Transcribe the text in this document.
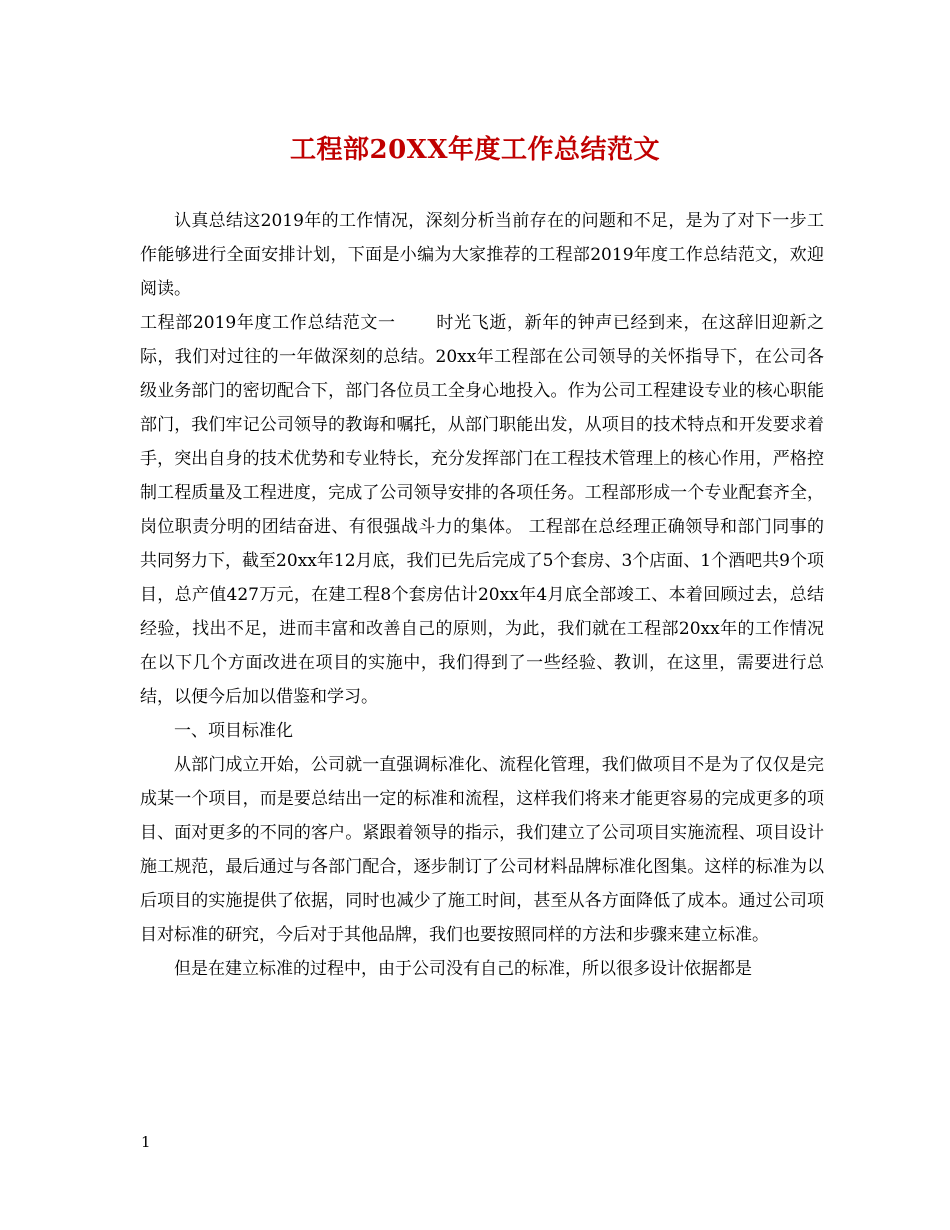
工程部20XX年度工作总结范文

认真总结这2019年的工作情况，深刻分析当前存在的问题和不足，是为了对下一步工作能够进行全面安排计划，下面是小编为大家推荐的工程部2019年度工作总结范文，欢迎阅读。

工程部2019年度工作总结范文一 时光飞逝，新年的钟声已经到来，在这辞旧迎新之际，我们对过往的一年做深刻的总结。20xx年工程部在公司领导的关怀指导下，在公司各级业务部门的密切配合下，部门各位员工全身心地投入。作为公司工程建设专业的核心职能部门，我们牢记公司领导的教诲和嘱托，从部门职能出发，从项目的技术特点和开发要求着手，突出自身的技术优势和专业特长，充分发挥部门在工程技术管理上的核心作用，严格控制工程质量及工程进度，完成了公司领导安排的各项任务。工程部形成一个专业配套齐全，岗位职责分明的团结奋进、有很强战斗力的集体。 工程部在总经理正确领导和部门同事的共同努力下，截至20xx年12月底，我们已先后完成了5个套房、3个店面、1个酒吧共9个项目，总产值427万元，在建工程8个套房估计20xx年4月底全部竣工、本着回顾过去，总结经验，找出不足，进而丰富和改善自己的原则，为此，我们就在工程部20xx年的工作情况在以下几个方面改进在项目的实施中，我们得到了一些经验、教训，在这里，需要进行总结，以便今后加以借鉴和学习。

一、项目标准化

从部门成立开始，公司就一直强调标准化、流程化管理，我们做项目不是为了仅仅是完成某一个项目，而是要总结出一定的标准和流程，这样我们将来才能更容易的完成更多的项目、面对更多的不同的客户。紧跟着领导的指示，我们建立了公司项目实施流程、项目设计施工规范，最后通过与各部门配合，逐步制订了公司材料品牌标准化图集。这样的标准为以后项目的实施提供了依据，同时也减少了施工时间，甚至从各方面降低了成本。通过公司项目对标准的研究，今后对于其他品牌，我们也要按照同样的方法和步骤来建立标准。

但是在建立标准的过程中，由于公司没有自己的标准，所以很多设计依据都是

1
